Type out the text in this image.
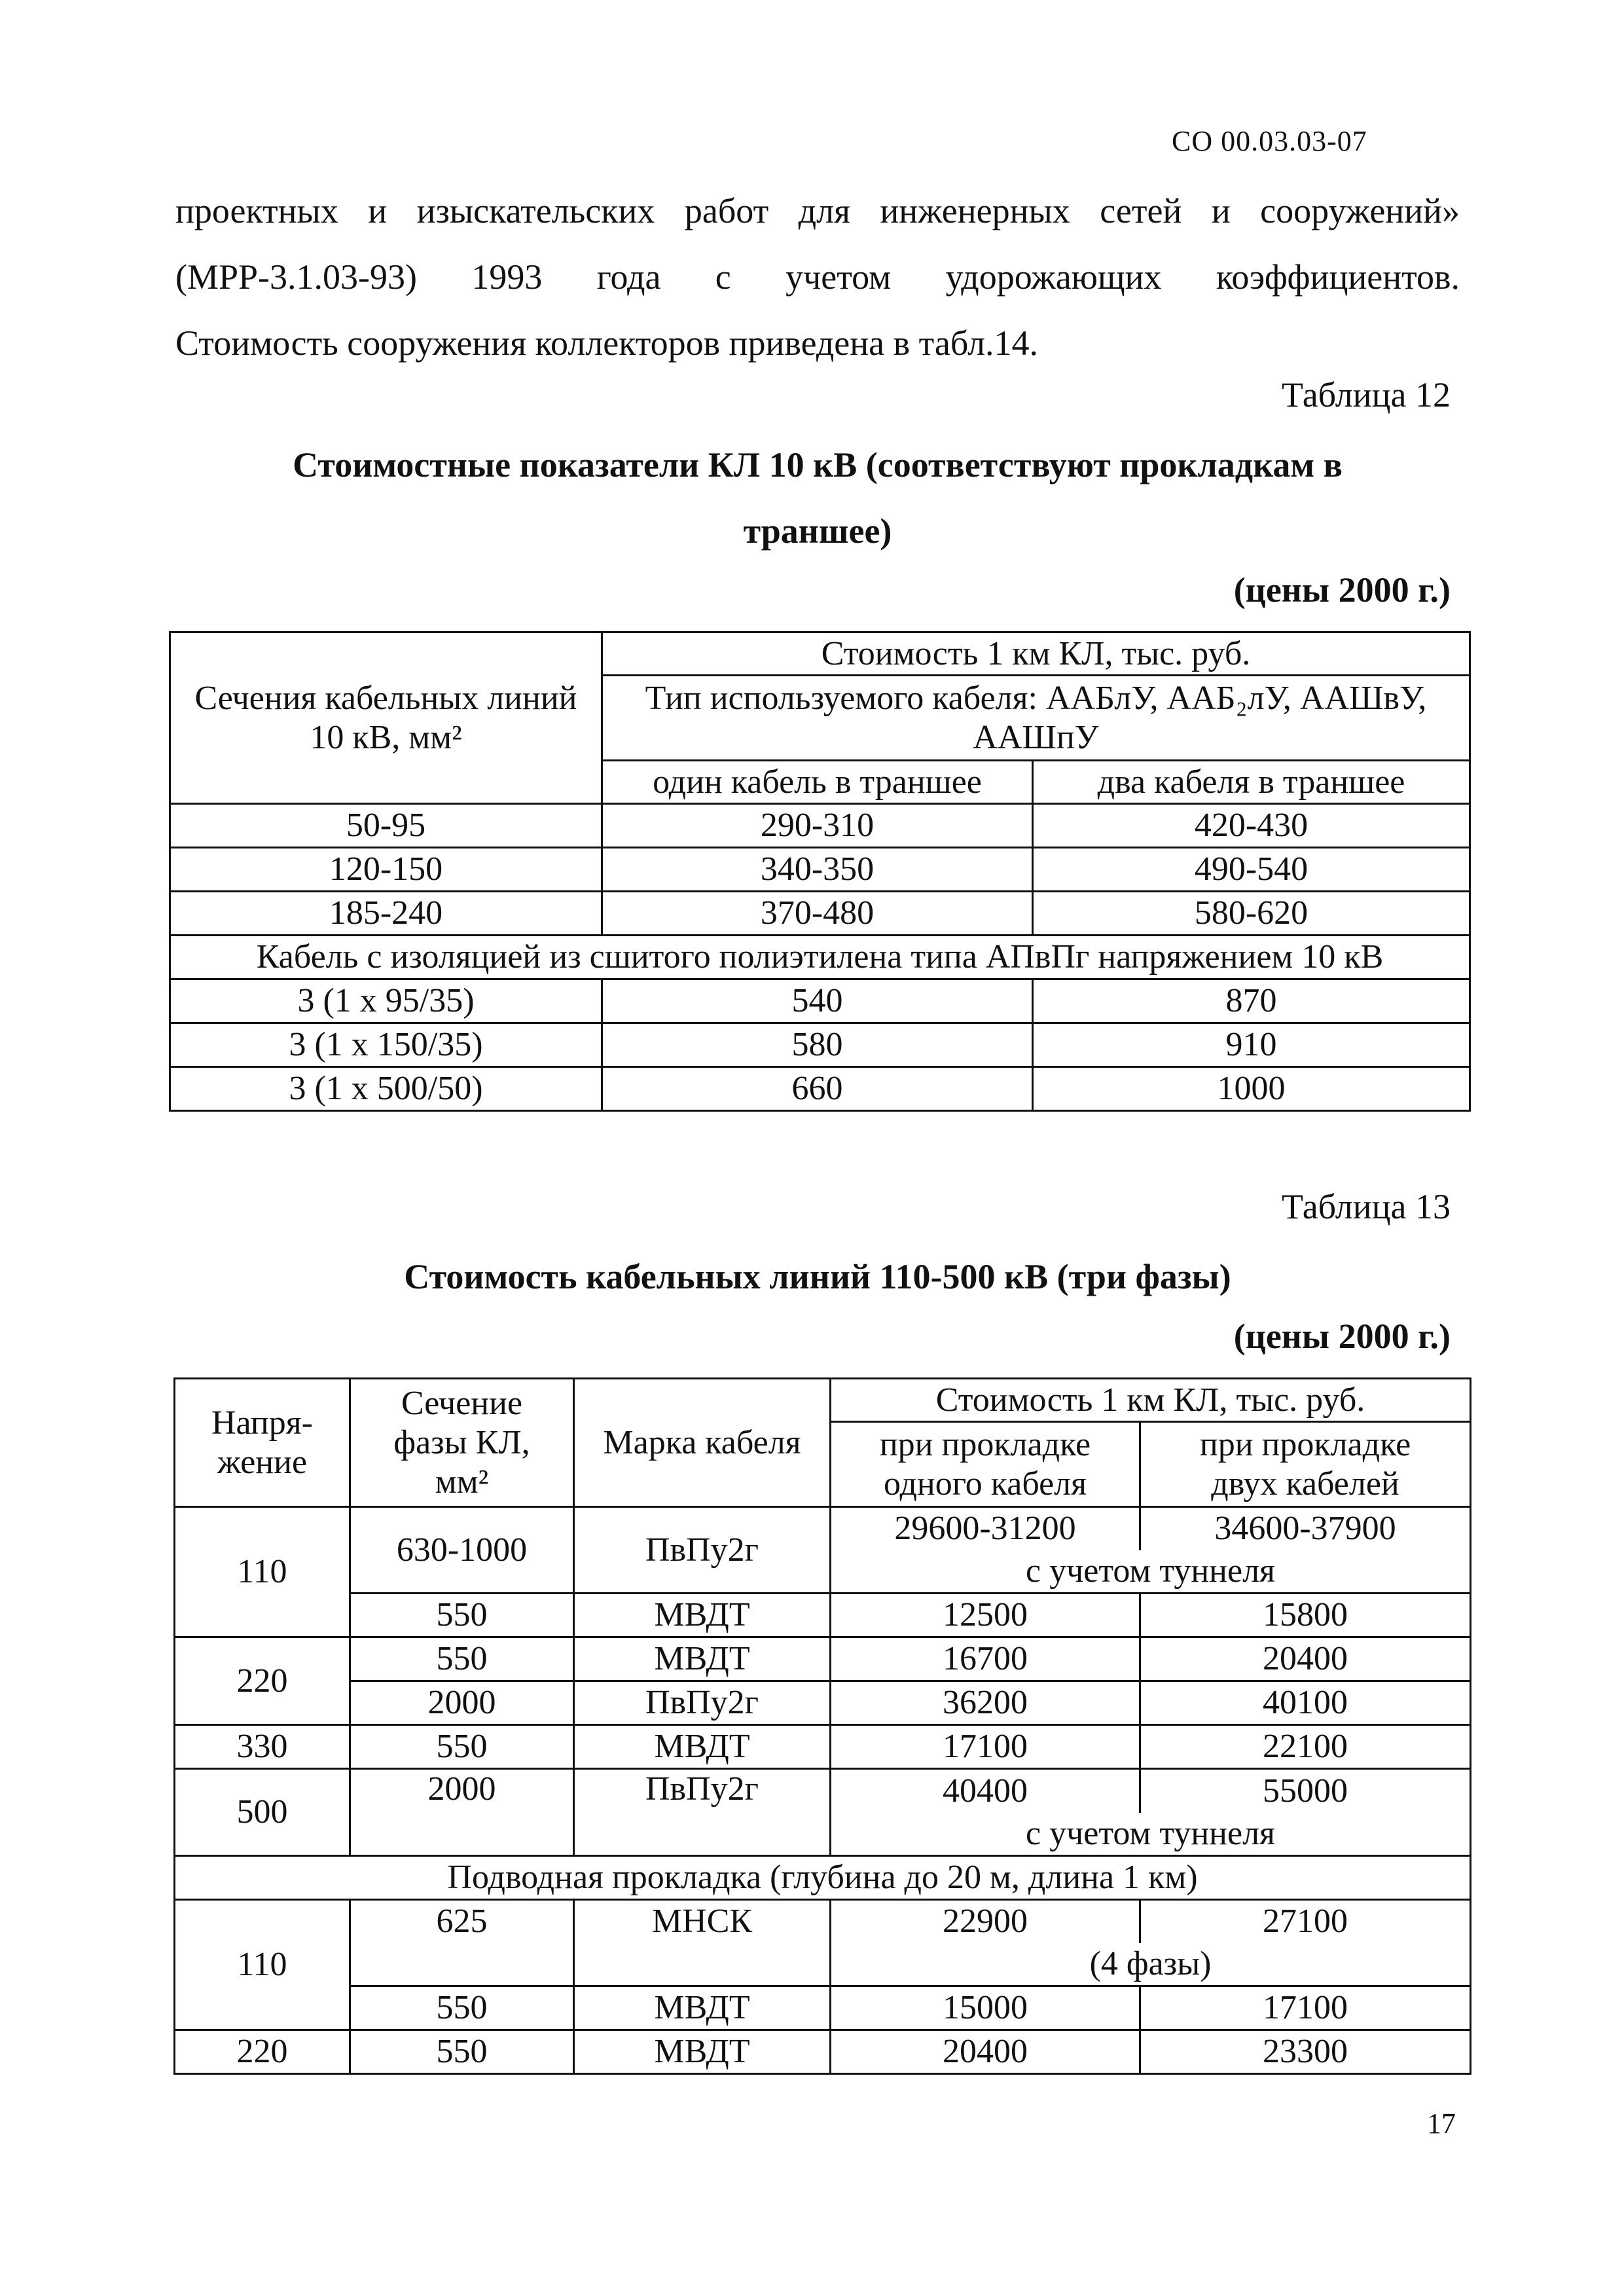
СО 00.03.03-07

проектных и изыскательских работ для инженерных сетей и сооружений»

(МРР-3.1.03-93) 1993 года с учетом удорожающих коэффициентов.

Стоимость сооружения коллекторов приведена в табл.14.

Таблица 12
Стоимостные показатели КЛ 10 кВ (соответствуют прокладкам в
траншее)
(цены 2000 г.)
Сечения кабельных линий 10 кВ, мм²	Стоимость 1 км КЛ, тыс. руб.	
	Тип используемого кабеля: ААБлУ, ААБ₂лУ, ААШвУ, ААШпУ	
	один кабель в траншее	два кабеля в траншее
50-95	290-310	420-430
120-150	340-350	490-540
185-240	370-480	580-620
Кабель с изоляцией из сшитого полиэтилена типа АПвПг напряжением 10 кВ		
3 (1 х 95/35)	540	870
3 (1 х 150/35)	580	910
3 (1 х 500/50)	660	1000
Таблица 13
Стоимость кабельных линий 110-500 кВ (три фазы)
(цены 2000 г.)
Напря-жение	Сечение фазы КЛ, мм²	Марка кабеля	Стоимость 1 км КЛ, тыс. руб.	
			при прокладке одного кабеля	при прокладке двух кабелей
110	630-1000	ПвПу2г	29600-31200	34600-37900
			с учетом туннеля	
	550	МВДТ	12500	15800
220	550	МВДТ	16700	20400
	2000	ПвПу2г	36200	40100
330	550	МВДТ	17100	22100
500	2000	ПвПу2г	40400	55000
			с учетом туннеля	
Подводная прокладка (глубина до 20 м, длина 1 км)				
110	625	МНСК	22900	27100
			(4 фазы)	
	550	МВДТ	15000	17100
220	550	МВДТ	20400	23300
17
